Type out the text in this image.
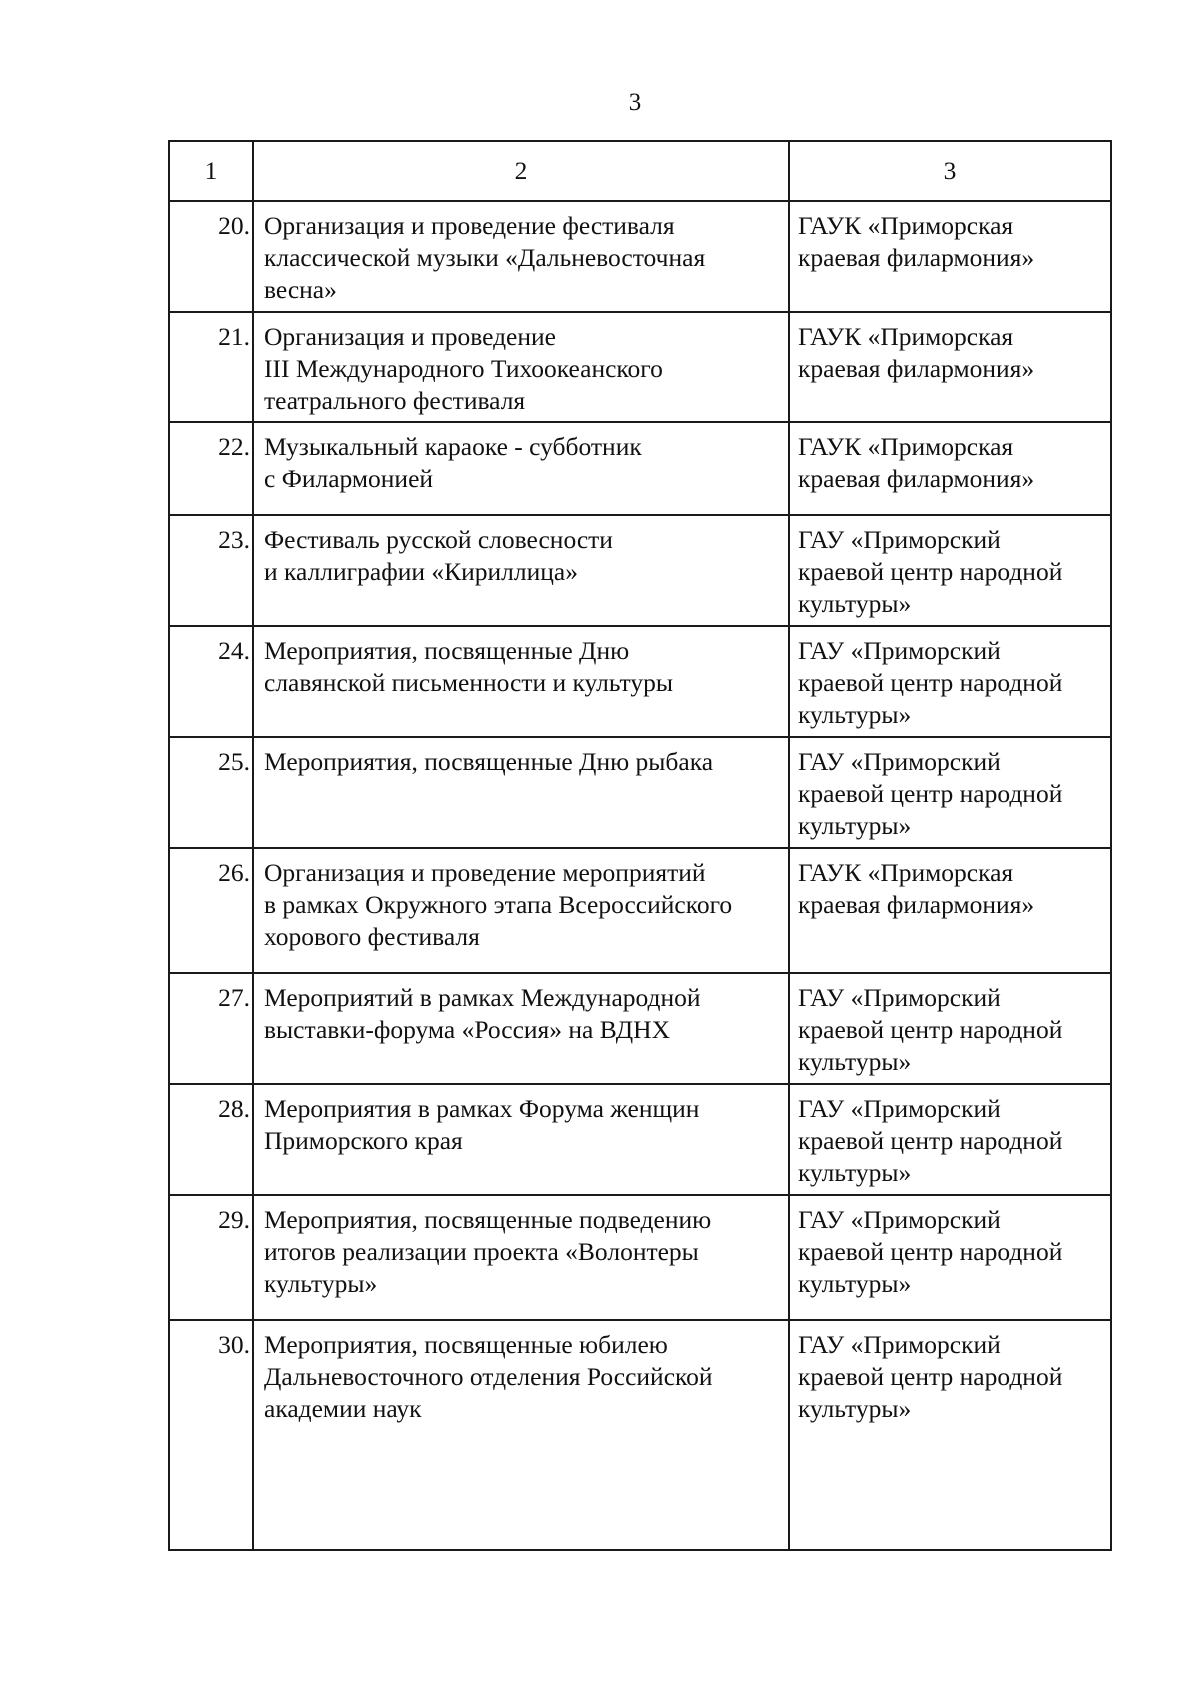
3
1	2	3
20.	Организация и проведение фестиваля
классической музыки «Дальневосточная
весна»	ГАУК «Приморская
краевая филармония»

21.	Организация и проведение
III Международного Тихоокеанского
театрального фестиваля	ГАУК «Приморская
краевая филармония»

22.	Музыкальный караоке - субботник
с Филармонией	ГАУК «Приморская
краевая филармония»

23.	Фестиваль русской словесности
и каллиграфии «Кириллица»	ГАУ «Приморский
краевой центр народной
культуры»

24.	Мероприятия, посвященные Дню
славянской письменности и культуры	ГАУ «Приморский
краевой центр народной
культуры»

25.	Мероприятия, посвященные Дню рыбака	ГАУ «Приморский
краевой центр народной
культуры»

26.	Организация и проведение мероприятий
в рамках Окружного этапа Всероссийского
хорового фестиваля	ГАУК «Приморская
краевая филармония»

27.	Мероприятий в рамках Международной
выставки-форума «Россия» на ВДНХ	ГАУ «Приморский
краевой центр народной
культуры»

28.	Мероприятия в рамках Форума женщин
Приморского края	ГАУ «Приморский
краевой центр народной
культуры»

29.	Мероприятия, посвященные подведению
итогов реализации проекта «Волонтеры
культуры»	ГАУ «Приморский
краевой центр народной
культуры»

30.	Мероприятия, посвященные юбилею
Дальневосточного отделения Российской
академии наук	ГАУ «Приморский
краевой центр народной
культуры»
